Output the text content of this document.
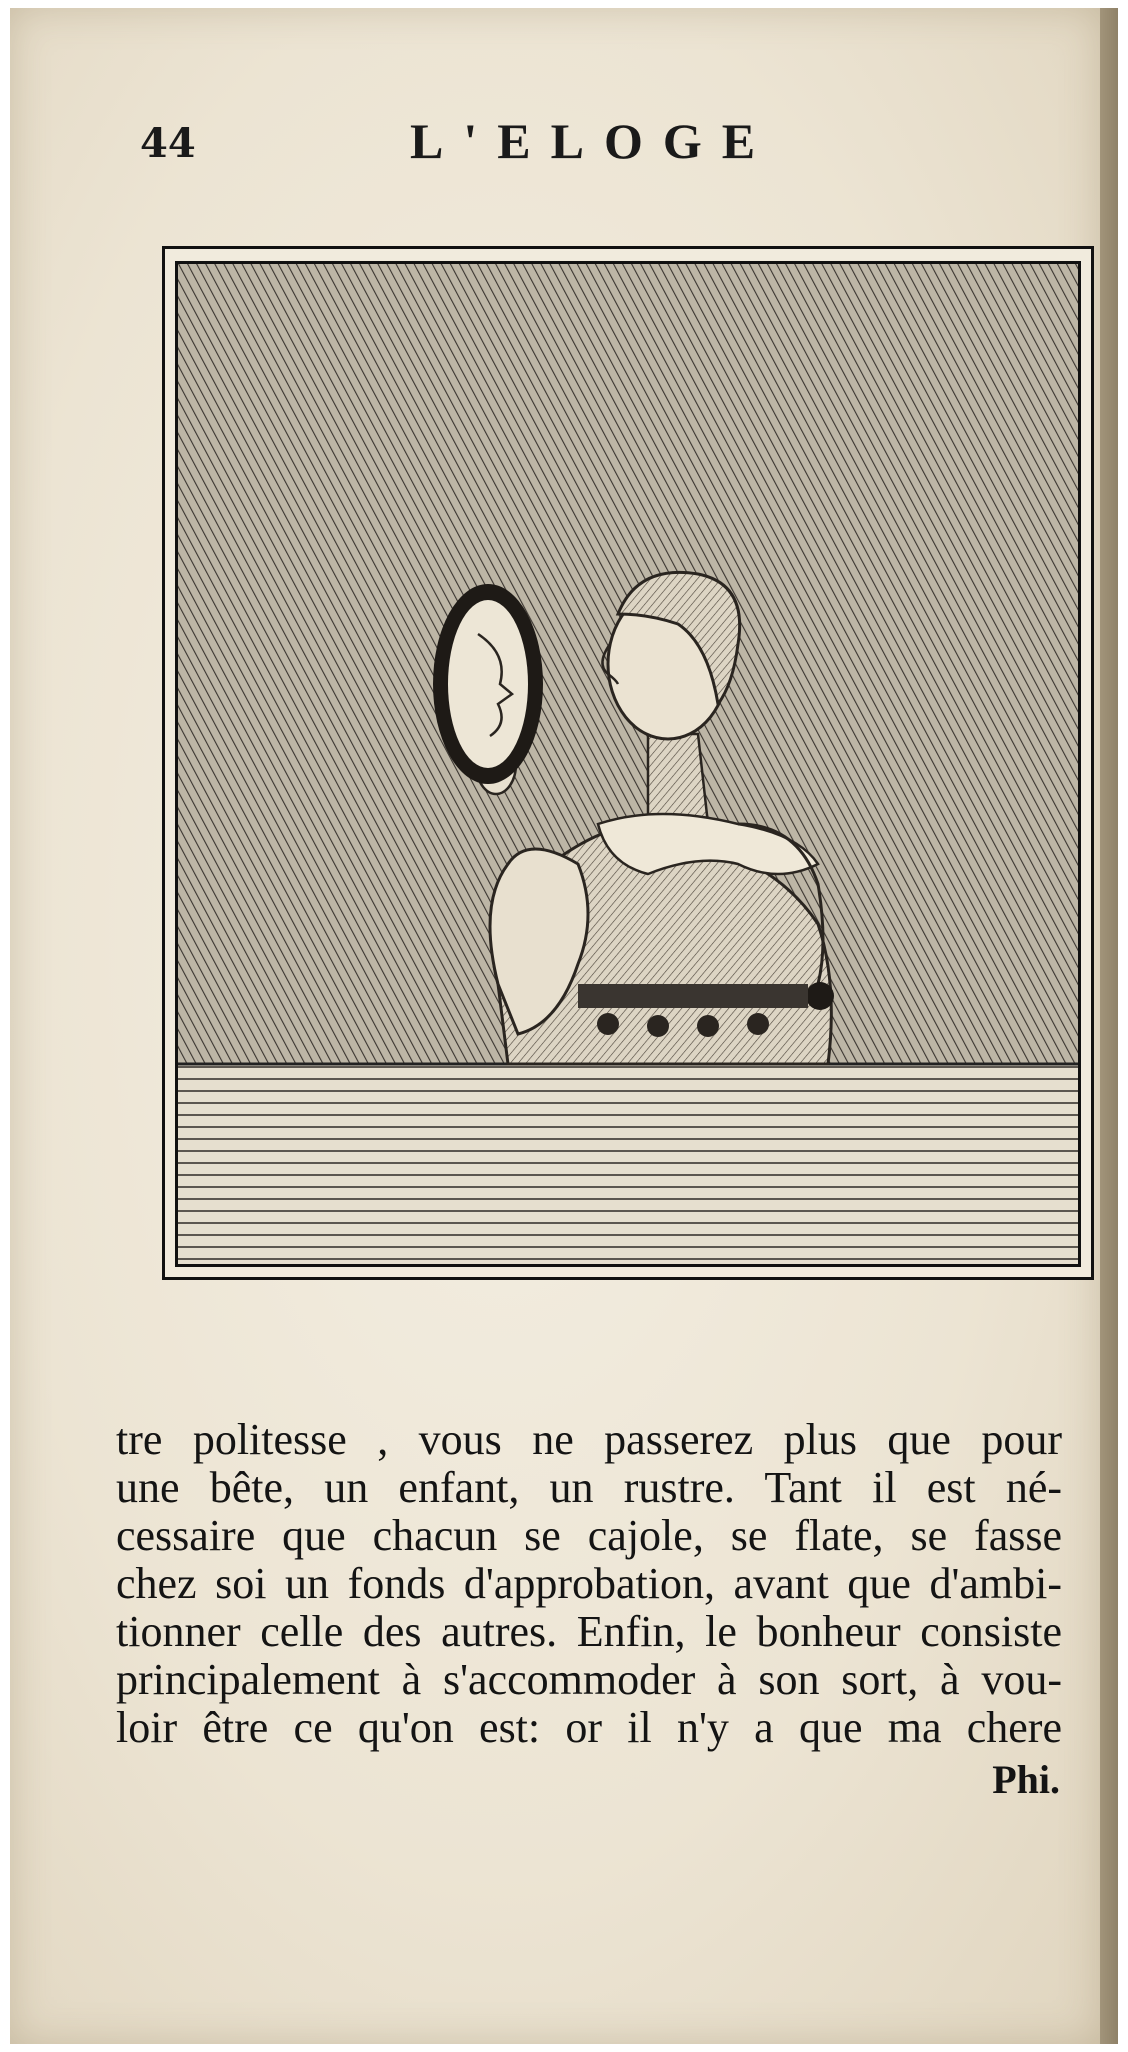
44	L'ELOGE
tre politesse , vous ne passerez plus que pour
une bête, un enfant, un rustre. Tant il est né-
cessaire que chacun se cajole, se flate, se fasse
chez soi un fonds d'approbation, avant que d'ambi-
tionner celle des autres. Enfin, le bonheur consiste
principalement à s'accommoder à son sort, à vou-
loir être ce qu'on est: or il n'y a que ma chere
Phi.
